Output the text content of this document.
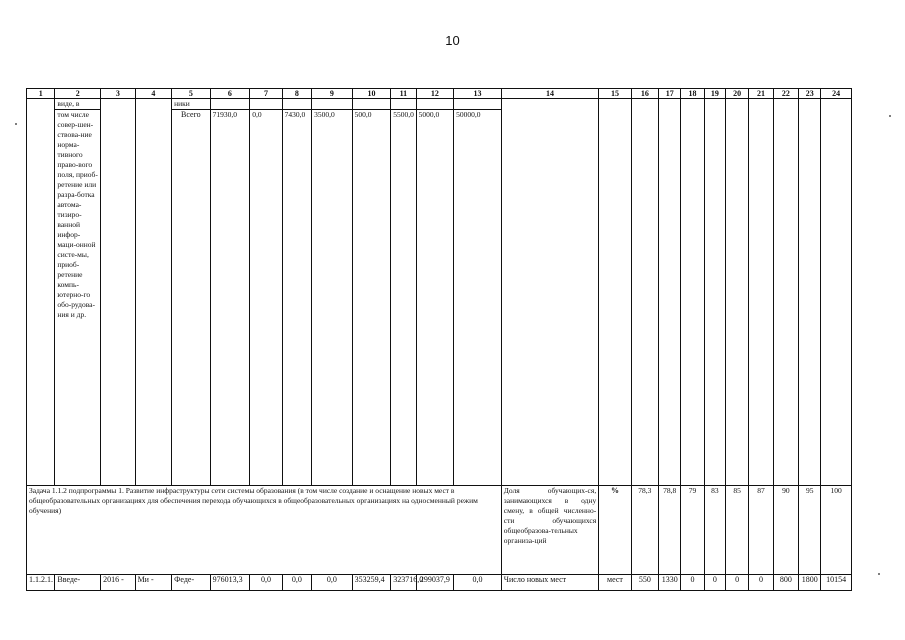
10
1	2	3	4	5	6	7	8	9	10	11	12	13	14	15	16	17	18	19	20	21	22	23	24
	виде, в			ники																			
	том числе совер-шен-ствова-ние норма-тивного право-вого поля, приоб-ретение или разра-ботка автома-тизиро-ванной инфор-маци-онной систе-мы, приоб-ретение компь-ютерно-го обо-рудова-ния и др.			Всего	71930,0	0,0	7430,0	3500,0	500,0	5500,0	5000,0	50000,0											
Задача 1.1.2 подпрограммы 1. Развитие инфраструктуры сети системы образования (в том числе создание и оснащение новых мест в общеобразовательных организациях для обеспечения перехода обучающихся в общеобразовательных организациях на односменный режим обучения)													Доля обучающих-ся, занимающихся в одну смену, в общей численно-сти обучающихся общеобразова-тельных организа-ций	%	78,3	78,8	79	83	85	87	90	95	100
1.1.2.1.	Введе-	2016 -	Ми -	Феде-	976013,3	0,0	0,0	0,0	353259,4	323716,0	299037,9	0,0	Число новых мест	мест	550	1330	0	0	0	0	800	1800	10154
